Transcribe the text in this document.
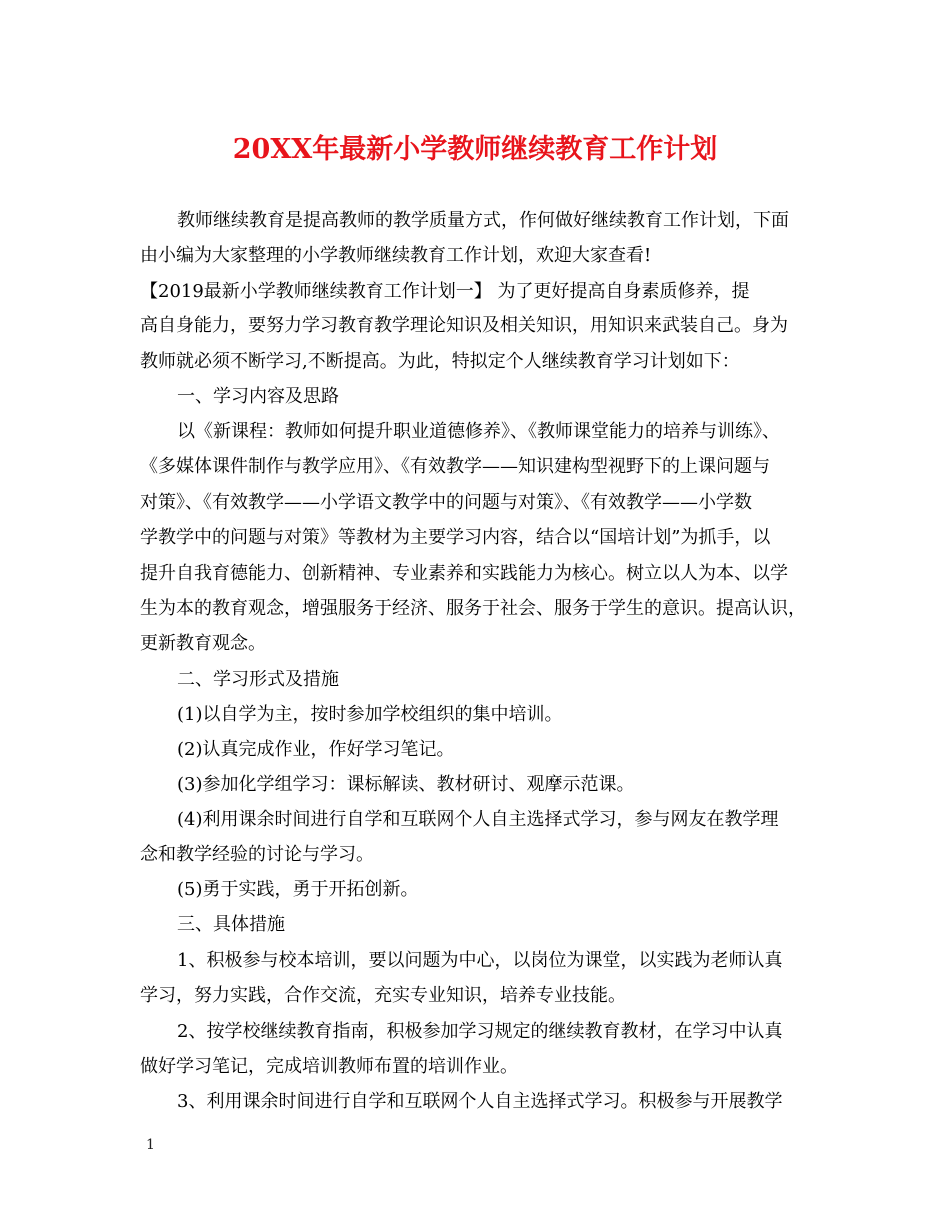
20XX年最新小学教师继续教育工作计划
教师继续教育是提高教师的教学质量方式，作何做好继续教育工作计划，下面
由小编为大家整理的小学教师继续教育工作计划，欢迎大家查看!
【2019最新小学教师继续教育工作计划一】 为了更好提高自身素质修养，提
高自身能力，要努力学习教育教学理论知识及相关知识，用知识来武装自己。身为
教师就必须不断学习,不断提高。为此，特拟定个人继续教育学习计划如下：
一、学习内容及思路
以《新课程：教师如何提升职业道德修养》、《教师课堂能力的培养与训练》、
《多媒体课件制作与教学应用》、《有效教学——知识建构型视野下的上课问题与
对策》、《有效教学——小学语文教学中的问题与对策》、《有效教学——小学数
学教学中的问题与对策》等教材为主要学习内容，结合以“国培计划”为抓手，以
提升自我育德能力、创新精神、专业素养和实践能力为核心。树立以人为本、以学
生为本的教育观念，增强服务于经济、服务于社会、服务于学生的意识。提高认识，
更新教育观念。
二、学习形式及措施
(1)以自学为主，按时参加学校组织的集中培训。
(2)认真完成作业，作好学习笔记。
(3)参加化学组学习：课标解读、教材研讨、观摩示范课。
(4)利用课余时间进行自学和互联网个人自主选择式学习，参与网友在教学理
念和教学经验的讨论与学习。
(5)勇于实践，勇于开拓创新。
三、具体措施
1、积极参与校本培训，要以问题为中心，以岗位为课堂，以实践为老师认真
学习，努力实践，合作交流，充实专业知识，培养专业技能。
2、按学校继续教育指南，积极参加学习规定的继续教育教材，在学习中认真
做好学习笔记，完成培训教师布置的培训作业。
3、利用课余时间进行自学和互联网个人自主选择式学习。积极参与开展教学
1
